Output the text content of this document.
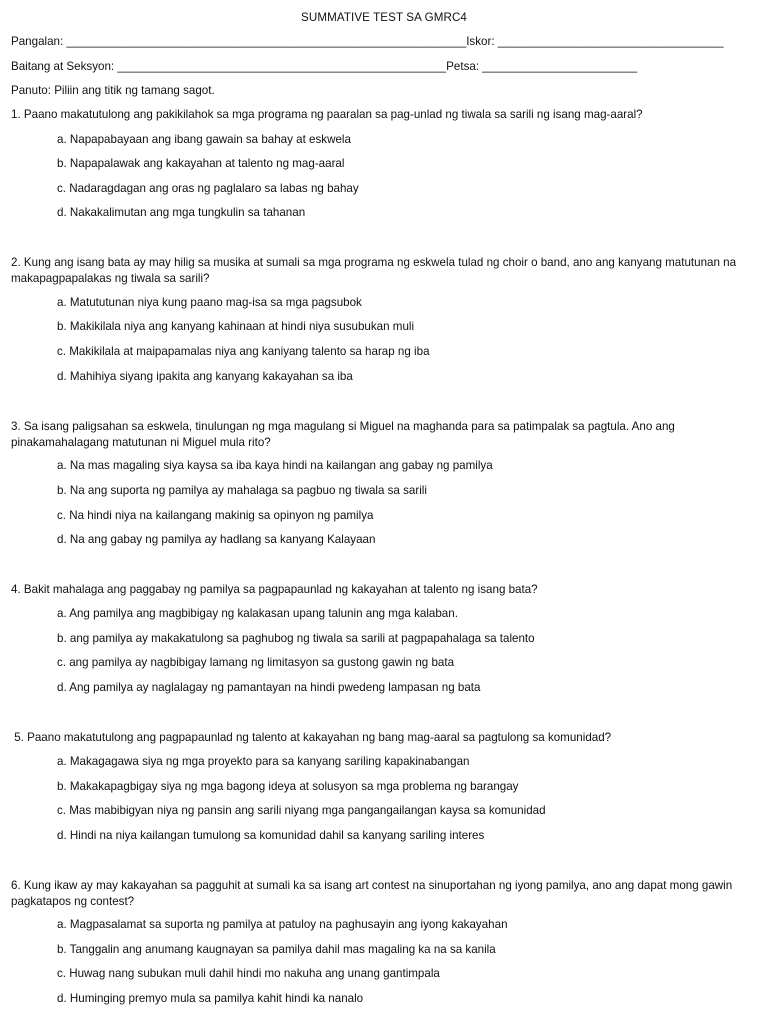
SUMMATIVE TEST SA GMRC4
Pangalan: ______________________________________________________________Iskor: ___________________________________
Baitang at Seksyon: ___________________________________________________Petsa: ________________________
Panuto: Piliin ang titik ng tamang sagot.
1. Paano makatutulong ang pakikilahok sa mga programa ng paaralan sa pag-unlad ng tiwala sa sarili ng isang mag-aaral?
a. Napapabayaan ang ibang gawain sa bahay at eskwela
b. Napapalawak ang kakayahan at talento ng mag-aaral
c. Nadaragdagan ang oras ng paglalaro sa labas ng bahay
d. Nakakalimutan ang mga tungkulin sa tahanan
2. Kung ang isang bata ay may hilig sa musika at sumali sa mga programa ng eskwela tulad ng choir o band, ano ang kanyang matutunan na makapagpapalakas ng tiwala sa sarili?
a. Matututunan niya kung paano mag-isa sa mga pagsubok
b. Makikilala niya ang kanyang kahinaan at hindi niya susubukan muli
c. Makikilala at maipapamalas niya ang kaniyang talento sa harap ng iba
d. Mahihiya siyang ipakita ang kanyang kakayahan sa iba
3. Sa isang paligsahan sa eskwela, tinulungan ng mga magulang si Miguel na maghanda para sa patimpalak sa pagtula. Ano ang pinakamahalagang matutunan ni Miguel mula rito?
a. Na mas magaling siya kaysa sa iba kaya hindi na kailangan ang gabay ng pamilya
b. Na ang suporta ng pamilya ay mahalaga sa pagbuo ng tiwala sa sarili
c. Na hindi niya na kailangang makinig sa opinyon ng pamilya
d. Na ang gabay ng pamilya ay hadlang sa kanyang Kalayaan
4. Bakit mahalaga ang paggabay ng pamilya sa pagpapaunlad ng kakayahan at talento ng isang bata?
a. Ang pamilya ang magbibigay ng kalakasan upang talunin ang mga kalaban.
b. ang pamilya ay makakatulong sa paghubog ng tiwala sa sarili at pagpapahalaga sa talento
c. ang pamilya ay nagbibigay lamang ng limitasyon sa gustong gawin ng bata
d. Ang pamilya ay naglalagay ng pamantayan na hindi pwedeng lampasan ng bata
5. Paano makatutulong ang pagpapaunlad ng talento at kakayahan ng bang mag-aaral sa pagtulong sa komunidad?
a. Makagagawa siya ng mga proyekto para sa kanyang sariling kapakinabangan
b. Makakapagbigay siya ng mga bagong ideya at solusyon sa mga problema ng barangay
c. Mas mabibigyan niya ng pansin ang sarili niyang mga pangangailangan kaysa sa komunidad
d. Hindi na niya kailangan tumulong sa komunidad dahil sa kanyang sariling interes
6. Kung ikaw ay may kakayahan sa pagguhit at sumali ka sa isang art contest na sinuportahan ng iyong pamilya, ano ang dapat mong gawin pagkatapos ng contest?
a. Magpasalamat sa suporta ng pamilya at patuloy na paghusayin ang iyong kakayahan
b. Tanggalin ang anumang kaugnayan sa pamilya dahil mas magaling ka na sa kanila
c. Huwag nang subukan muli dahil hindi mo nakuha ang unang gantimpala
d. Huminging premyo mula sa pamilya kahit hindi ka nanalo
